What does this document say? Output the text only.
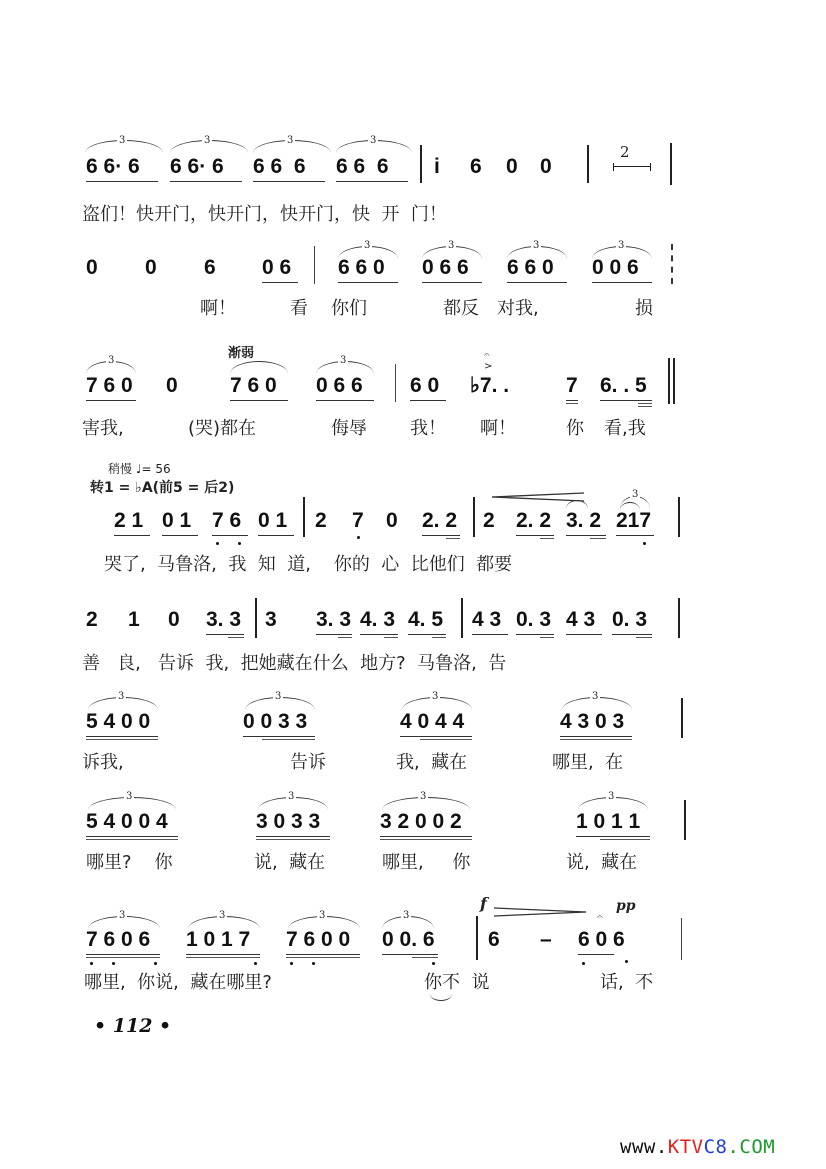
3	3	3	3
6 6· 6 6 6· 6 6 6  6 6 6  6 i 6 0 0
2
盗们！快开门，快开门，快开门，快  开  门！
0 0 6 0 6
3	3	3	3
6 6 0 0 6 6 6 6 0 0 0 6
啊！	看 你们	都反 对我,	损
渐弱
3	3
7 6 0 0 7 6 0 0 6 6 6 0
𝄐
>
♭7. .	7 6. . 5
害我,	(哭)都在	侮辱 我！ 啊！	你 看,我
稍慢 ♩= 56
转1 = ♭A(前5 = 后2)	3
2 1 0 1 7 6 0 1 2 7 0 2. 2 2 2. 2 3. 2 217
哭了,  马鲁洛,  我  知  道,    你的  心  比他们  都要
2 1 0 3. 3 3 3. 3 4. 3 4. 5 4 3 0. 3 4 3 0. 3
善   良,   告诉  我,  把她藏在什么  地方?  马鲁洛,  告
3	3	3	3
5 4 0 0	0 0 3 3	4 0 4 4	4 3 0 3
诉我,	告诉	我,  藏在	哪里,  在
3	3	3	3
5 4 0 0 4	3 0 3 3	3 2 0 0 2	1 0 1 1
哪里?    你	说,  藏在	哪里,     你	说,  藏在
f	pp
3	3	3	3
7 6 0 6 1 0 1 7 7 6 0 0 0 0. 6	6 –
𝄐
6 0 6
哪里,  你说,  藏在哪里?	你不  说	话,  不
• 112 •
www.KTVC8.COM
